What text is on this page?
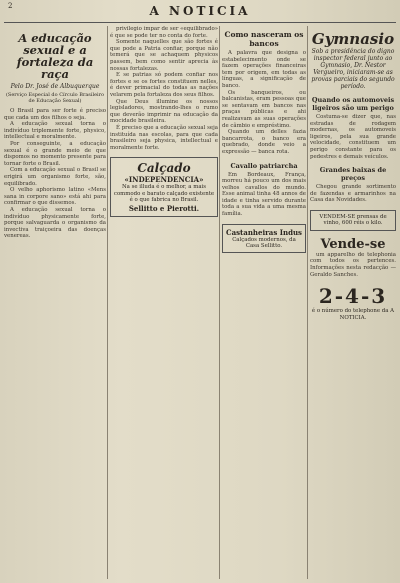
2	A NOTICIA
A educação sexual e a fortaleza da raça
Pelo Dr. José de Albuquerque
(Serviço Especial do Círculo Brasileiro de Educação Sexual)

O Brasil para ser forte é preciso que cada um dos filhos o seja.

A educação sexual torna o indivíduo triplemente forte, physico, intellectual e moralmente.

Por conseguinte, a educação sexual é o grande meio de que dispomos no momento presente para tornar forte o Brasil.

Com a educação sexual o Brasil se erigirá um organismo forte, são, equilibrado.

O velho aphorismo latino «Mens sana in corpore sano» está ahi para confirmar o que dissemos.

A educação sexual torna o indivíduo physicamente forte, porque salvaguarda o organismo da invectiva traiçoeira das doenças venereas.

privilegio impar de ser «equilibrado» é que se pode ter no conta do forte.

Somente naquelles que são fortes é que pode a Patria confiar, porque não temerá que se achaquem physicos passem, bem como sentir aprecia às nossas fortalezas.

E se patrias só podem confiar nos fortes e se os fortes constituem nelles, é dever primacial do todas as nações velarem pela fortaleza dos seus filhos.

Que Deus illumine os nossos legisladores, mostrando-lhes o rumo que deverão imprimir na educação da mocidade brasileira.

É preciso que a educação sexual seja instituída nas escolas, para que cada brasileiro seja physica, intellectual e moralmente forte.

Calçado
«INDEPENDENCIA»
Na se illuda é o melhor, a mais commodo e barato calçado existente é o que fabrica no Brasil.
Sellitto e Pierotti.
Como nasceram os bancos

A palavra que designa o estabelecimento onde se fazem operações financeiras tem por origem, em todas as línguas, a significação de banco.

Os banqueiros, ou balcanistas, eram pessoas que se sentavam em bancos nas praças públicas e ahi realizavam as suas operações de câmbio e empréstimo.

Quando um delles fazia bancarrota, o banco era quebrado, donde veio a expressão — banca rota.

Cavallo patriarcha

Em Bordeaux, França, morreu há pouco um dos mais velhos cavallos do mundo. Esse animal tinha 48 annos de idade e tinha servido durante toda a sua vida a uma mesma família.

Castanheiras Indus
Calçados modernos, da Casa Sellitto.
Gymnasio
Sob a presidência do digno inspector federal junto ao Gymnasio, Dr. Nestor Vergueiro, iniciaram-se as provas parciais do segundo período.
Quando os automoveis ligeiros são um perigo

Costuma-se dizer que, nas estradas de rodagem modernas, os automoveis ligeiros, pela sua grande velocidade, constituem um perigo constante para os pedestres e demais veículos.

Grandes baixas de preços

Chegou grande sortimento de fazendas e armarinhos na Casa das Novidades.

VENDEM-SE prensas de vinho, 600 réis o kilo.
Vende-se

um apparelho de telephonia com todos os pertences. Informações nesta redacção — Geraldo Sanches.

2-4-3
é o número do telephone da A NOTICIA.
